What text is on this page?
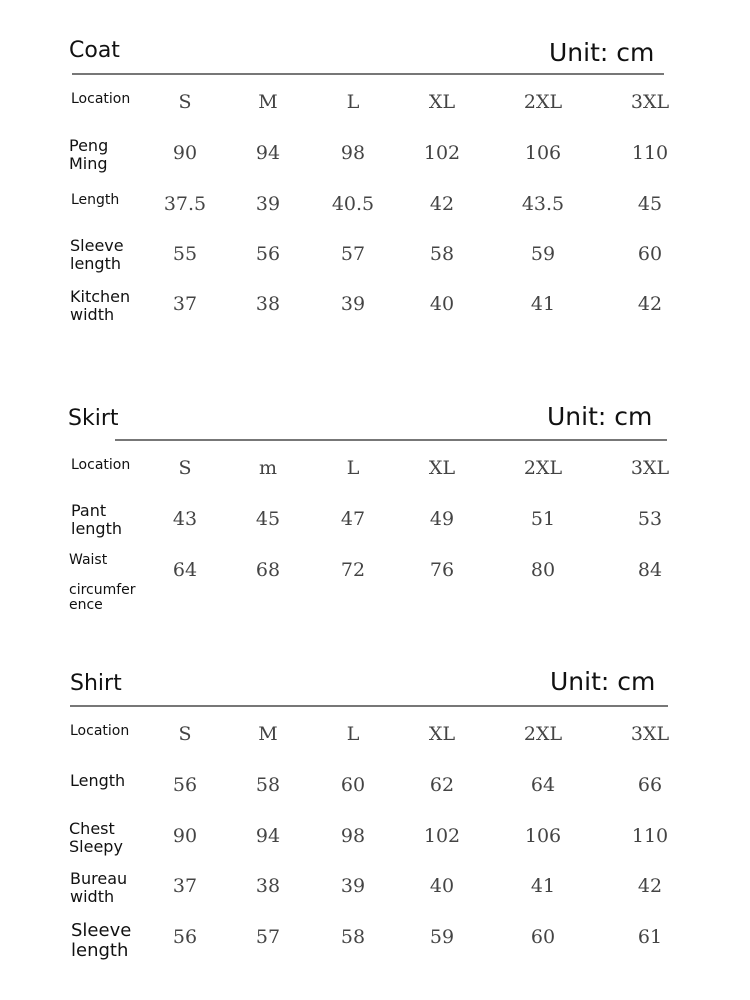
Coat	Unit: cm
Location	S	M	L	XL	2XL	3XL
Peng
Ming	90	94	98	102	106	110
Length	37.5	39	40.5	42	43.5	45
Sleeve
length	55	56	57	58	59	60
Kitchen
width	37	38	39	40	41	42
Skirt	Unit: cm
Location	S	m	L	XL	2XL	3XL
Pant
length	43	45	47	49	51	53
Waist
circumfer
ence
64	68	72	76	80	84
Shirt	Unit: cm
Location	S	M	L	XL	2XL	3XL
Length	56	58	60	62	64	66
Chest
Sleepy	90	94	98	102	106	110
Bureau
width	37	38	39	40	41	42
Sleeve
length
56	57	58	59	60	61
